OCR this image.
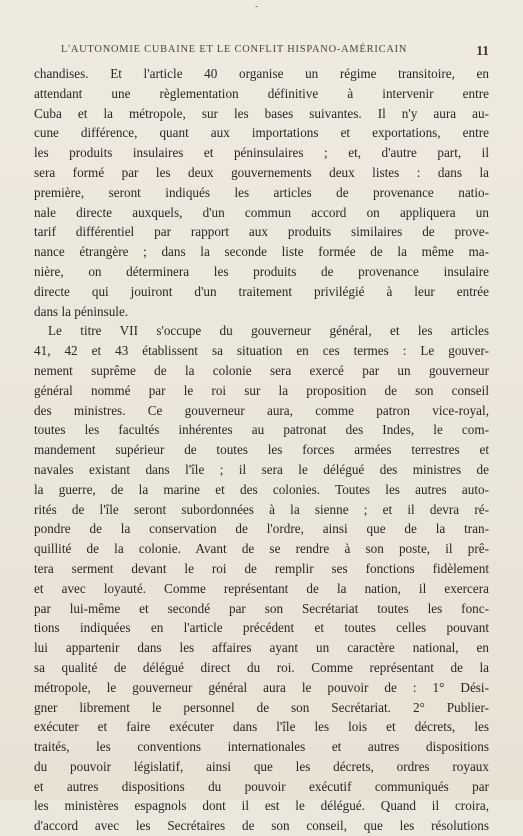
-
L'AUTONOMIE CUBAINE ET LE CONFLIT HISPANO-AMÉRICAIN	11
chandises. Et l'article 40 organise un régime transitoire, en
attendant une règlementation définitive à intervenir entre
Cuba et la métropole, sur les bases suivantes. Il n'y aura au-
cune différence, quant aux importations et exportations, entre
les produits insulaires et péninsulaires ; et, d'autre part, il
sera formé par les deux gouvernements deux listes : dans la
première, seront indiqués les articles de provenance natio-
nale directe auxquels, d'un commun accord on appliquera un
tarif différentiel par rapport aux produits similaires de prove-
nance étrangère ; dans la seconde liste formée de la même ma-
nière, on déterminera les produits de provenance insulaire
directe qui jouiront d'un traitement privilégié à leur entrée
dans la péninsule.
Le titre VII s'occupe du gouverneur général, et les articles
41, 42 et 43 établissent sa situation en ces termes : Le gouver-
nement suprême de la colonie sera exercé par un gouverneur
général nommé par le roi sur la proposition de son conseil
des ministres. Ce gouverneur aura, comme patron vice-royal,
toutes les facultés inhérentes au patronat des Indes, le com-
mandement supérieur de toutes les forces armées terrestres et
navales existant dans l'île ; il sera le délégué des ministres de
la guerre, de la marine et des colonies. Toutes les autres auto-
rités de l'île seront subordonnées à la sienne ; et il devra ré-
pondre de la conservation de l'ordre, ainsi que de la tran-
quillité de la colonie. Avant de se rendre à son poste, il prê-
tera serment devant le roi de remplir ses fonctions fidèlement
et avec loyauté. Comme représentant de la nation, il exercera
par lui-même et secondé par son Secrétariat toutes les fonc-
tions indiquées en l'article précédent et toutes celles pouvant
lui appartenir dans les affaires ayant un caractère national, en
sa qualité de délégué direct du roi. Comme représentant de la
métropole, le gouverneur général aura le pouvoir de : 1° Dési-
gner librement le personnel de son Secrétariat. 2° Publier-
exécuter et faire exécuter dans l'île les lois et décrets, les
traités, les conventions internationales et autres dispositions
du pouvoir législatif, ainsi que les décrets, ordres royaux
et autres dispositions du pouvoir exécutif communiqués par
les ministères espagnols dont il est le délégué. Quand il croira,
d'accord avec les Secrétaires de son conseil, que les résolutions
